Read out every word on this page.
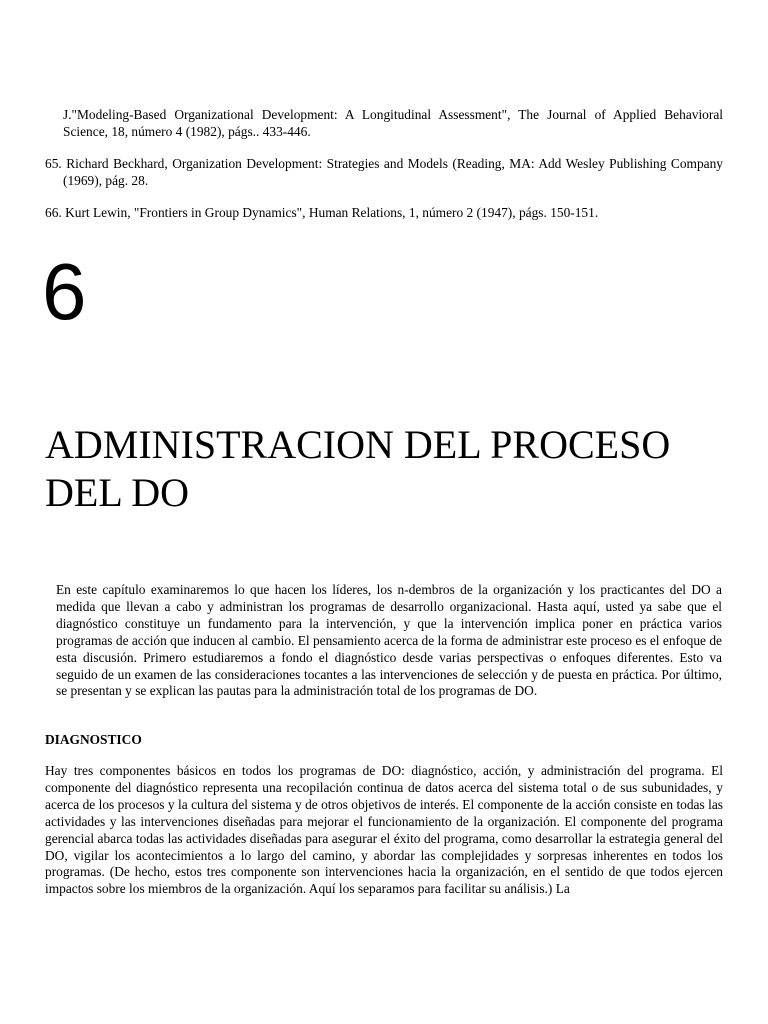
J."Modeling-Based Organizational Development: A Longitudinal Assessment", The Journal of Applied Behavioral Science, 18, número 4 (1982), págs.. 433-446.

65. Richard Beckhard, Organization Development: Strategies and Models (Reading, MA: Add Wesley Publishing Company (1969), pág. 28.

66. Kurt Lewin, "Frontiers in Group Dynamics", Human Relations, 1, número 2 (1947), págs. 150-151.

6
ADMINISTRACION DEL PROCESO DEL DO

En este capítulo examinaremos lo que hacen los líderes, los n-dembros de la organización y los practicantes del DO a medida que llevan a cabo y administran los programas de desarrollo organizacional. Hasta aquí, usted ya sabe que el diagnóstico constituye un fundamento para la intervención, y que la intervención implica poner en práctica varios programas de acción que inducen al cambio. El pensamiento acerca de la forma de administrar este proceso es el enfoque de esta discusión. Primero estudiaremos a fondo el diagnóstico desde varias perspectivas o enfoques diferentes. Esto va seguido de un examen de las consideraciones tocantes a las intervenciones de selección y de puesta en práctica. Por último, se presentan y se explican las pautas para la administración total de los programas de DO.

DIAGNOSTICO

Hay tres componentes básicos en todos los programas de DO: diagnóstico, acción, y administración del programa. El componente del diagnóstico representa una recopilación continua de datos acerca del sistema total o de sus subunidades, y acerca de los procesos y la cultura del sistema y de otros objetivos de interés. El componente de la acción consiste en todas las actividades y las intervenciones diseñadas para mejorar el funcionamiento de la organización. El componente del programa gerencial abarca todas las actividades diseñadas para asegurar el éxito del programa, como desarrollar la estrategia general del DO, vigilar los acontecimientos a lo largo del camino, y abordar las complejidades y sorpresas inherentes en todos los programas. (De hecho, estos tres componente son intervenciones hacia la organización, en el sentido de que todos ejercen impactos sobre los miembros de la organización. Aquí los separamos para facilitar su análisis.) La
